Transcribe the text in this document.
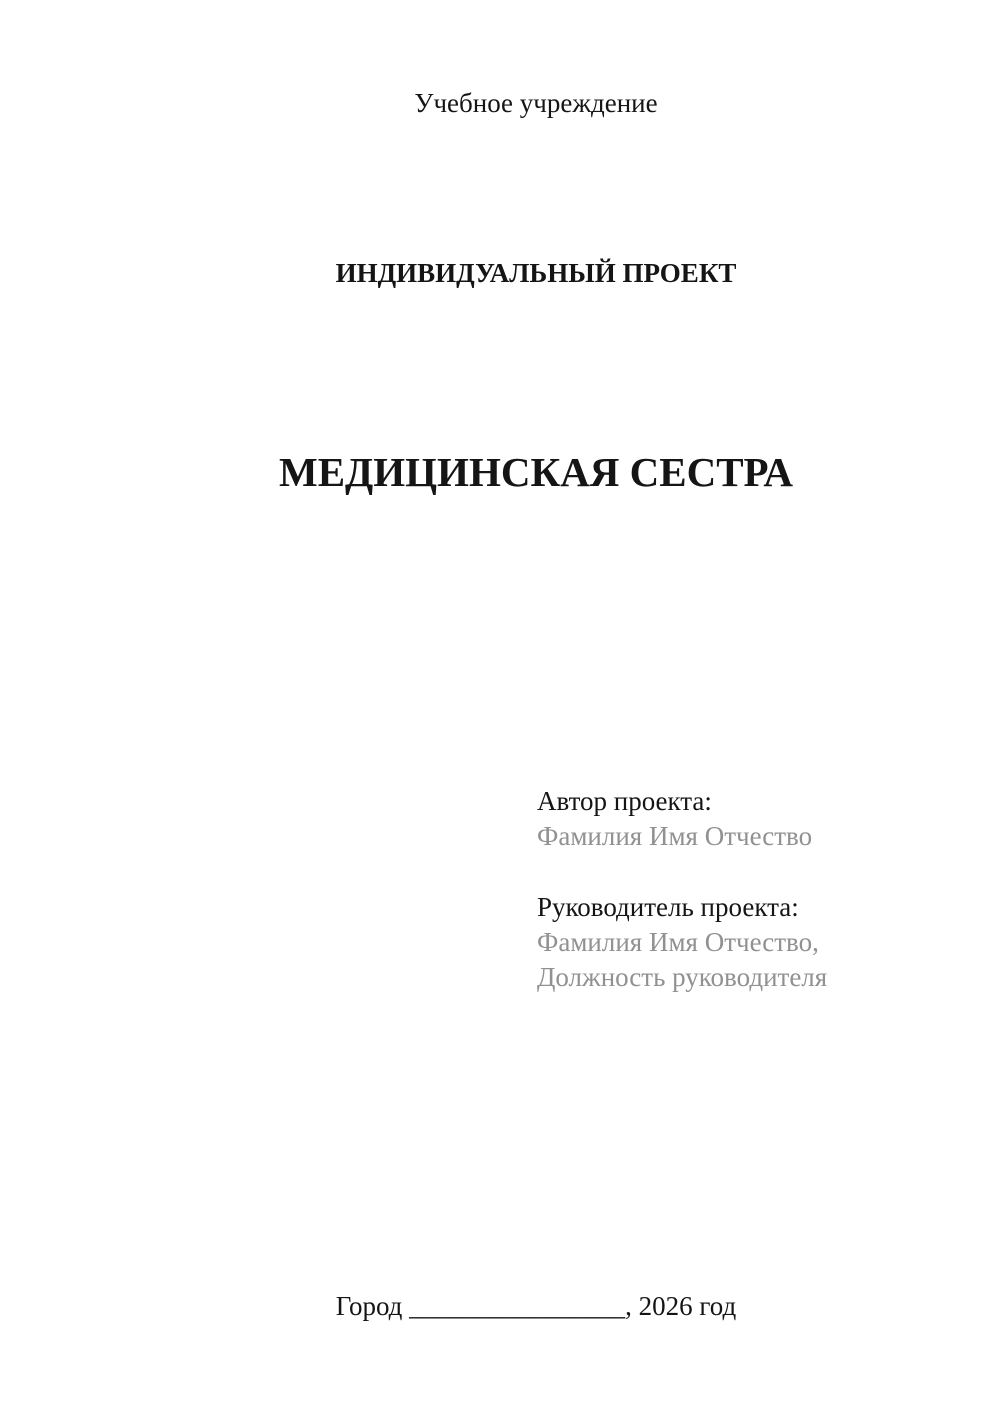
Учебное учреждение

ИНДИВИДУАЛЬНЫЙ ПРОЕКТ

МЕДИЦИНСКАЯ СЕСТРА

Автор проекта:

Фамилия Имя Отчество

Руководитель проекта:

Фамилия Имя Отчество,

Должность руководителя

Город ________________, 2026 год
